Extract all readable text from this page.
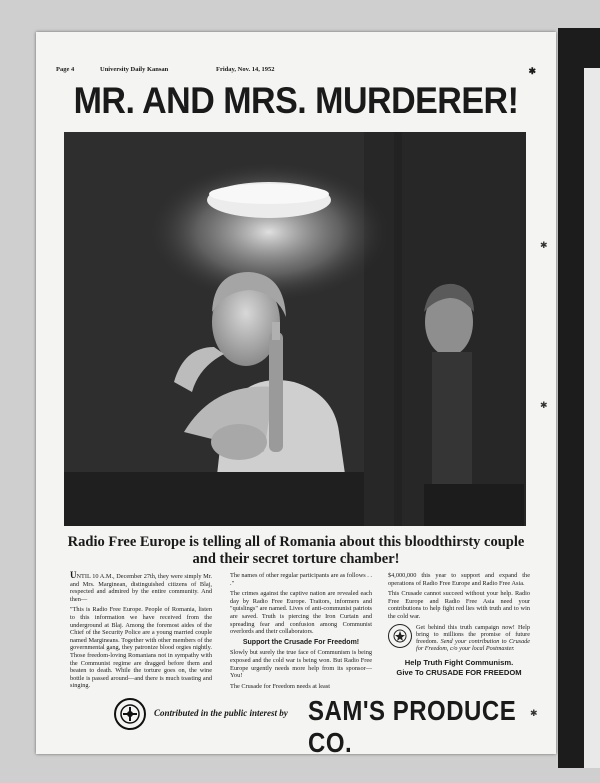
Page 4	University Daily Kansan	Friday, Nov. 14, 1952	✱
MR. AND MRS. MURDERER!
Radio Free Europe is telling all of Romania about this bloodthirsty couple and their secret torture chamber!

UNTIL 10 A.M., December 27th, they were simply Mr. and Mrs. Marginean, distinguished citizens of Blaj, respected and admired by the entire community. And then—

"This is Radio Free Europe. People of Romania, listen to this information we have received from the underground at Blaj. Among the foremost aides of the Chief of the Security Police are a young married couple named Margineans. Together with other members of the governmental gang, they patronize blood orgies nightly. Those freedom-loving Romanians not in sympathy with the Communist regime are dragged before them and beaten to death. While the torture goes on, the wine bottle is passed around—and there is much toasting and singing.

The names of other regular participants are as follows . . ."

The crimes against the captive nation are revealed each day by Radio Free Europe. Traitors, informers and "quislings" are named. Lives of anti-communist patriots are saved. Truth is piercing the Iron Curtain and spreading fear and confusion among Communist overlords and their collaborators.

Support the Crusade For Freedom!

Slowly but surely the true face of Communism is being exposed and the cold war is being won. But Radio Free Europe urgently needs more help from its sponsor—You!

The Crusade for Freedom needs at least

$4,000,000 this year to support and expand the operations of Radio Free Europe and Radio Free Asia.

This Crusade cannot succeed without your help. Radio Free Europe and Radio Free Asia need your contributions to help fight red lies with truth and to win the cold war.

Get behind this truth campaign now! Help bring to millions the promise of future freedom. Send your contribution to Crusade for Freedom, c/o your local Postmaster.
Help Truth Fight Communism.
Give To CRUSADE FOR FREEDOM
Contributed in the public interest by SAM'S PRODUCE CO.
✱
✱
✱
